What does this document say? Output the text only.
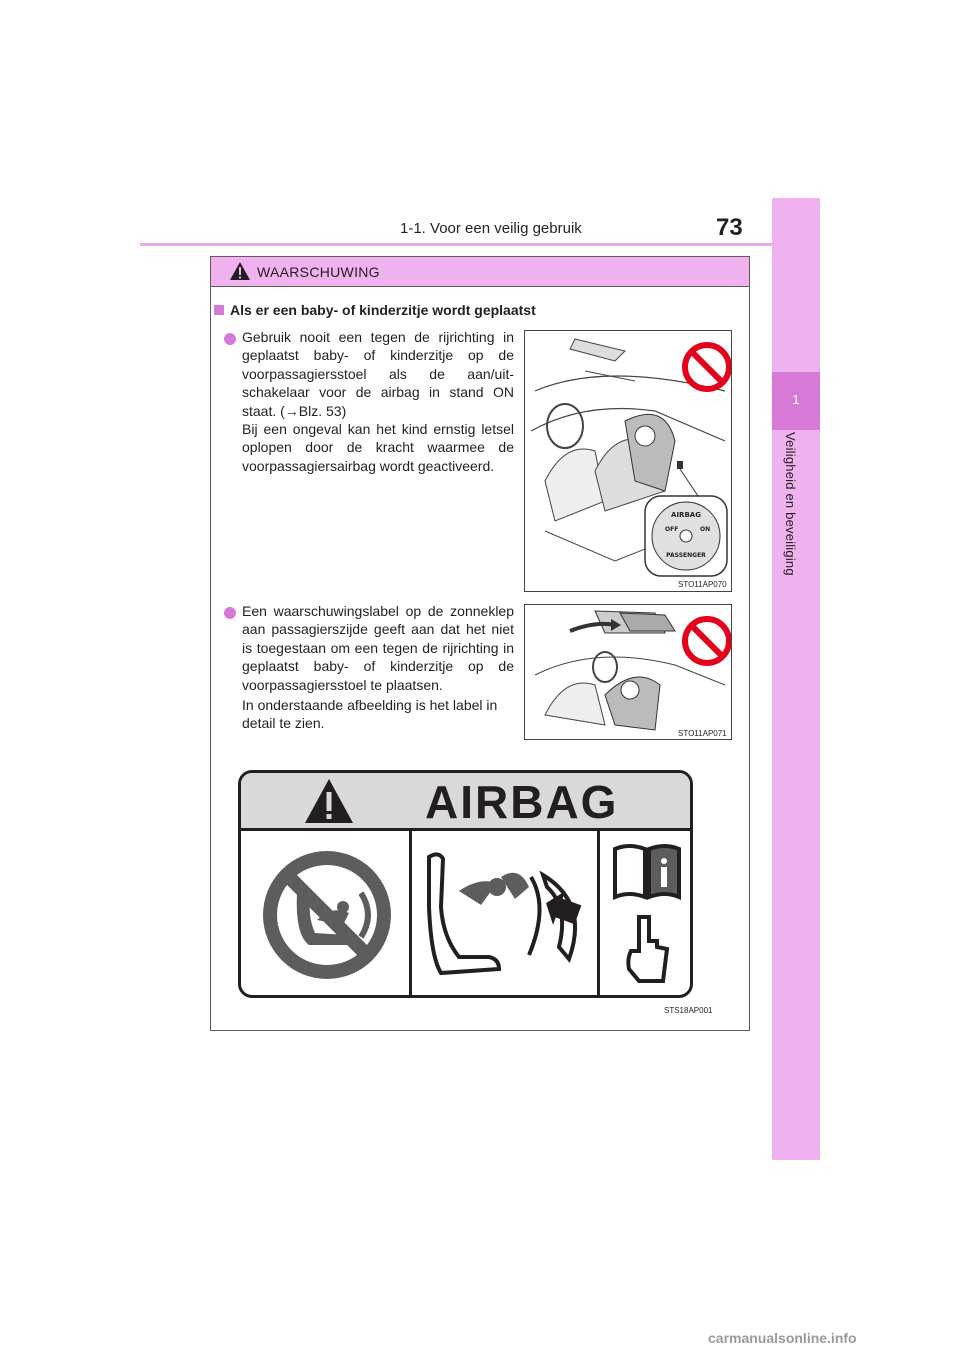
1-1. Voor een veilig gebruik	73
1
Veiligheid en beveiliging
WAARSCHUWING
Als er een baby- of kinderzitje wordt geplaatst
Gebruik nooit een tegen de rijrichting in geplaatst baby- of kinderzitje op de voorpassagiersstoel als de aan/uit-schakelaar voor de airbag in stand ON staat. (→Blz. 53)
Bij een ongeval kan het kind ernstig letsel oplopen door de kracht waarmee de voorpassagiersairbag wordt geactiveerd.
AIRBAG
OFF	ON
PASSENGER
STO11AP070
Een waarschuwingslabel op de zonneklep aan passagierszijde geeft aan dat het niet is toegestaan om een tegen de rijrichting in geplaatst baby- of kinderzitje op de voorpassagiersstoel te plaatsen.
In onderstaande afbeelding is het label in detail te zien.
STO11AP071
AIRBAG
STS18AP001
carmanualsonline.info
